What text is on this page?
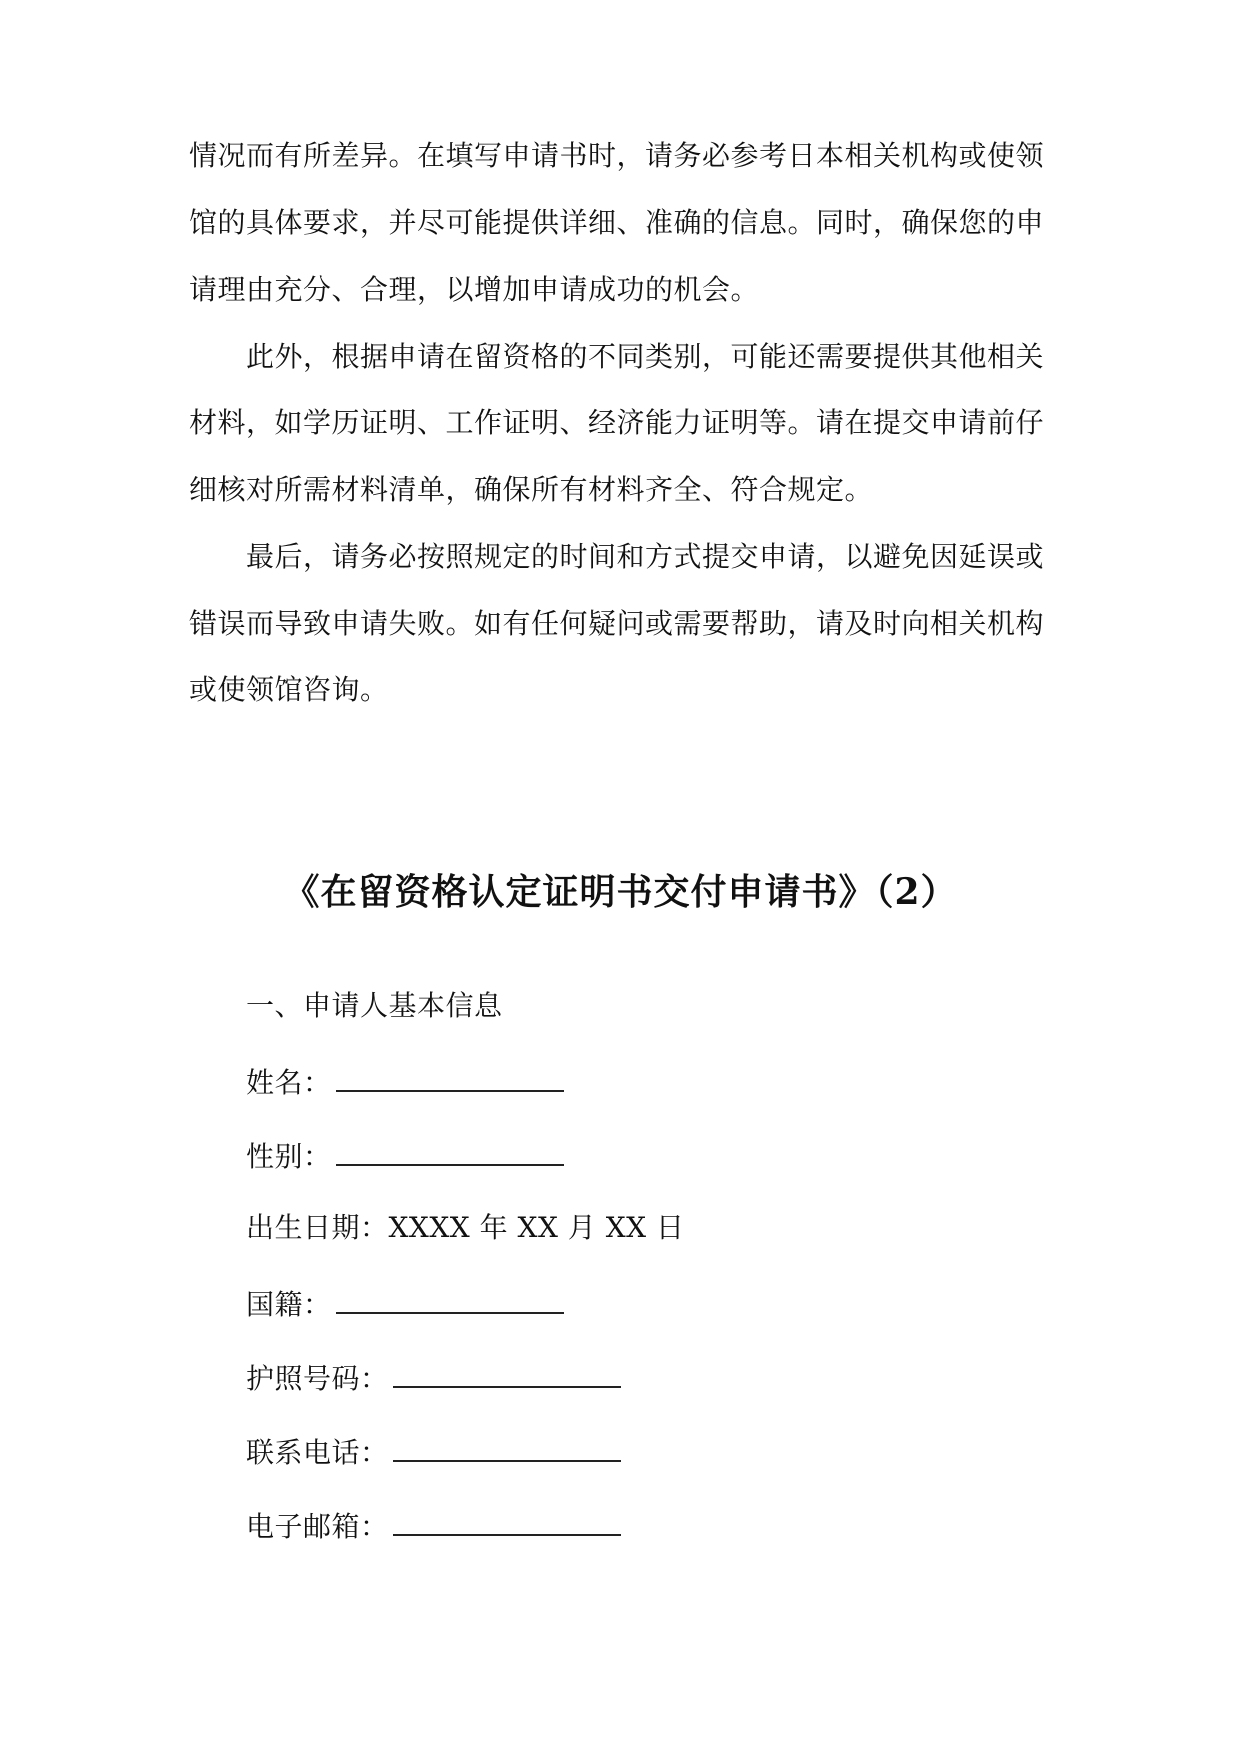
情况而有所差异。在填写申请书时，请务必参考日本相关机构或使领
馆的具体要求，并尽可能提供详细、准确的信息。同时，确保您的申
请理由充分、合理，以增加申请成功的机会。
此外，根据申请在留资格的不同类别，可能还需要提供其他相关
材料，如学历证明、工作证明、经济能力证明等。请在提交申请前仔
细核对所需材料清单，确保所有材料齐全、符合规定。
最后，请务必按照规定的时间和方式提交申请，以避免因延误或
错误而导致申请失败。如有任何疑问或需要帮助，请及时向相关机构
或使领馆咨询。
《在留资格认定证明书交付申请书》（2）
一、申请人基本信息
姓名：
性别：
出生日期：XXXX 年 XX 月 XX 日
国籍：
护照号码：
联系电话：
电子邮箱：
